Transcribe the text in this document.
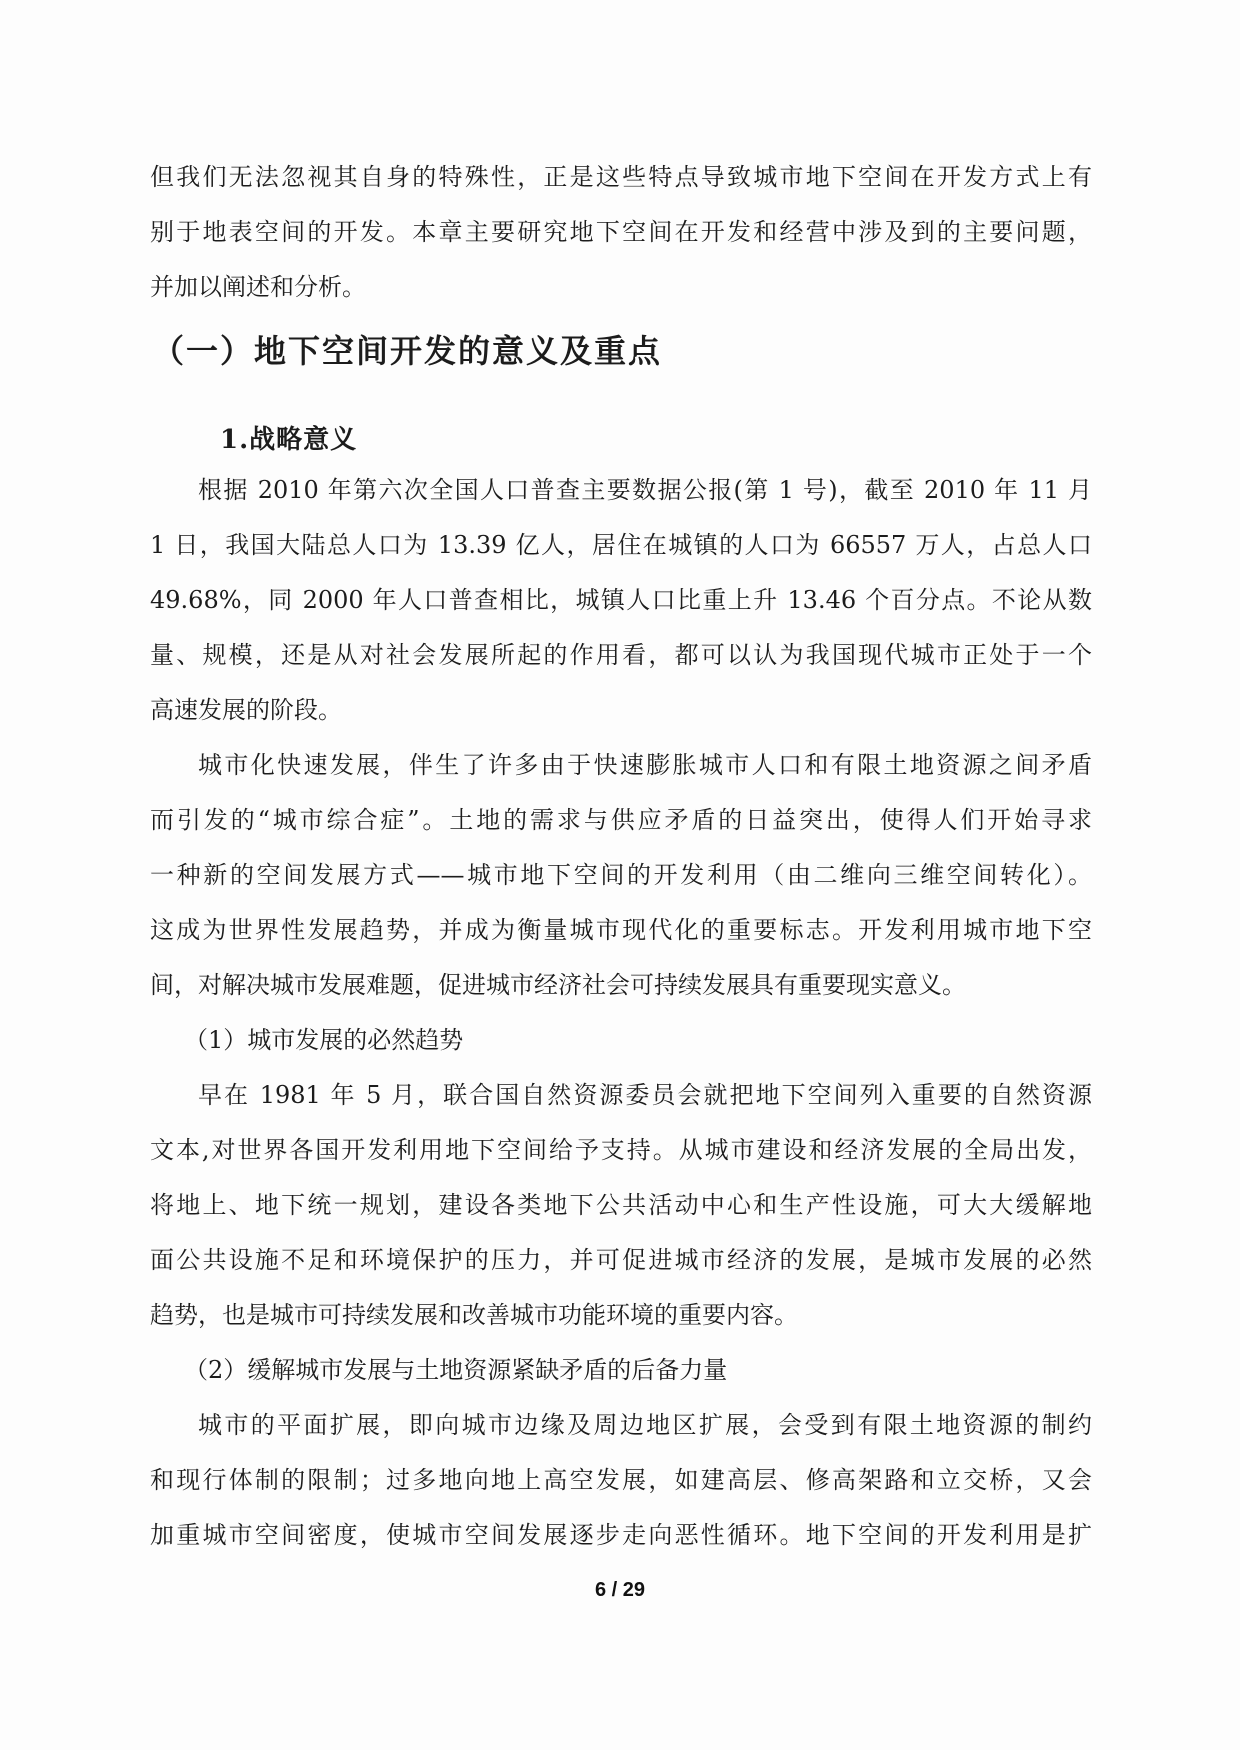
但我们无法忽视其自身的特殊性，正是这些特点导致城市地下空间在开发方式上有
别于地表空间的开发。本章主要研究地下空间在开发和经营中涉及到的主要问题，
并加以阐述和分析。
（一）地下空间开发的意义及重点
1.战略意义
根据 2010 年第六次全国人口普查主要数据公报(第 1 号)，截至 2010 年 11 月
1 日，我国大陆总人口为 13.39 亿人，居住在城镇的人口为 66557 万人，占总人口
49.68%，同 2000 年人口普查相比，城镇人口比重上升 13.46 个百分点。不论从数
量、规模，还是从对社会发展所起的作用看，都可以认为我国现代城市正处于一个
高速发展的阶段。
城市化快速发展，伴生了许多由于快速膨胀城市人口和有限土地资源之间矛盾
而引发的“城市综合症”。土地的需求与供应矛盾的日益突出，使得人们开始寻求
一种新的空间发展方式——城市地下空间的开发利用（由二维向三维空间转化）。
这成为世界性发展趋势，并成为衡量城市现代化的重要标志。开发利用城市地下空
间，对解决城市发展难题，促进城市经济社会可持续发展具有重要现实意义。
（1）城市发展的必然趋势
早在 1981 年 5 月，联合国自然资源委员会就把地下空间列入重要的自然资源
文本,对世界各国开发利用地下空间给予支持。从城市建设和经济发展的全局出发，
将地上、地下统一规划，建设各类地下公共活动中心和生产性设施，可大大缓解地
面公共设施不足和环境保护的压力，并可促进城市经济的发展，是城市发展的必然
趋势，也是城市可持续发展和改善城市功能环境的重要内容。
（2）缓解城市发展与土地资源紧缺矛盾的后备力量
城市的平面扩展，即向城市边缘及周边地区扩展，会受到有限土地资源的制约
和现行体制的限制；过多地向地上高空发展，如建高层、修高架路和立交桥，又会
加重城市空间密度，使城市空间发展逐步走向恶性循环。地下空间的开发利用是扩
6 / 29
